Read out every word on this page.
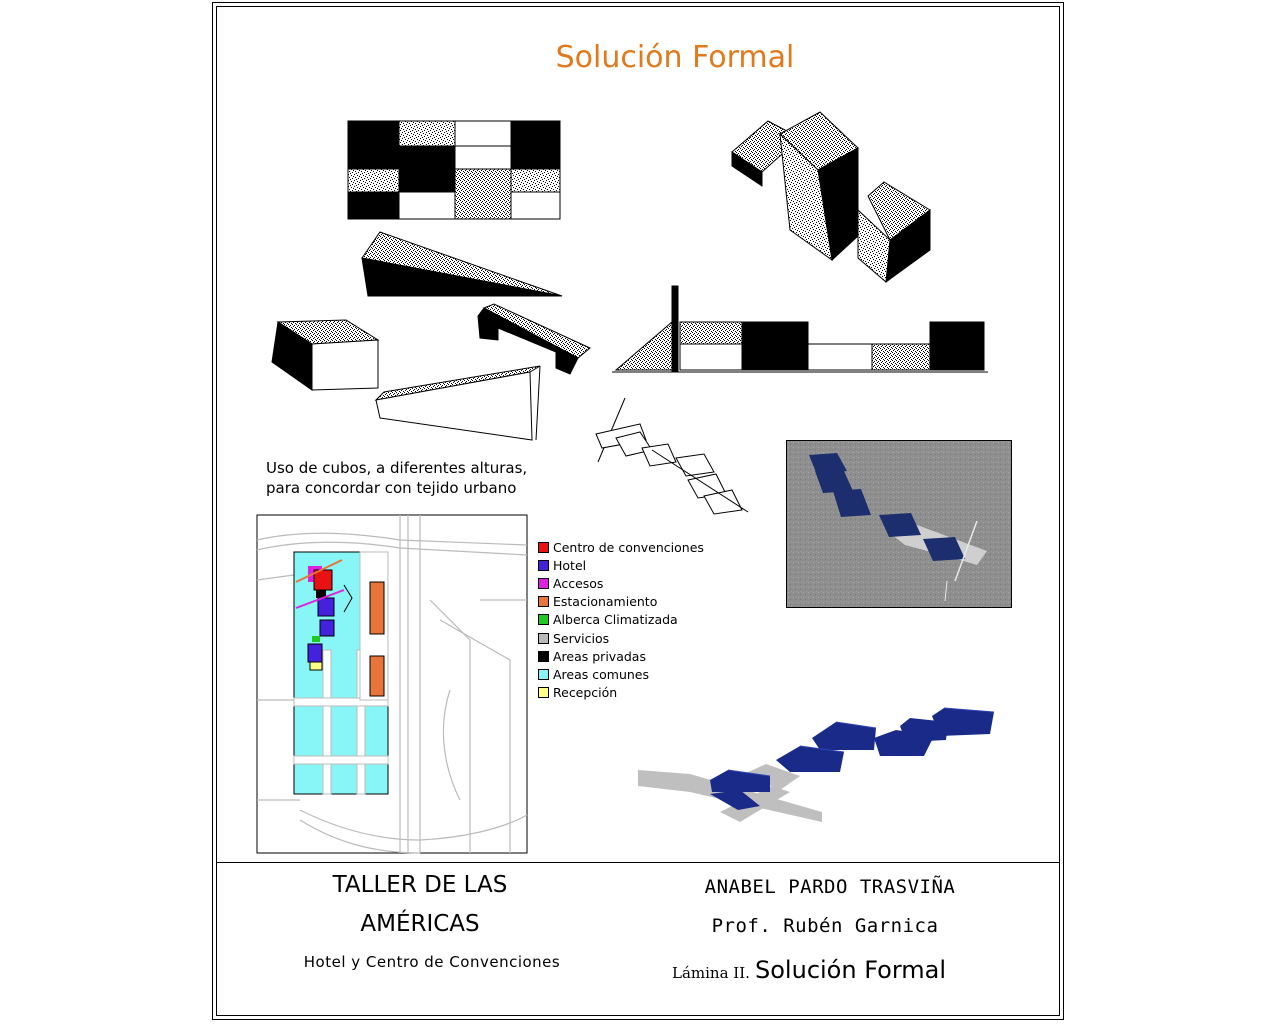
Solución Formal
Uso de cubos, a diferentes alturas,
para concordar con tejido urbano
Centro de convenciones
Hotel
Accesos
Estacionamiento
Alberca Climatizada
Servicios
Areas privadas
Areas comunes
Recepción
TALLER DE LAS
AMÉRICAS
Hotel y Centro de Convenciones
ANABEL PARDO TRASVIÑA
Prof. Rubén Garnica
Lámina II. Solución Formal
